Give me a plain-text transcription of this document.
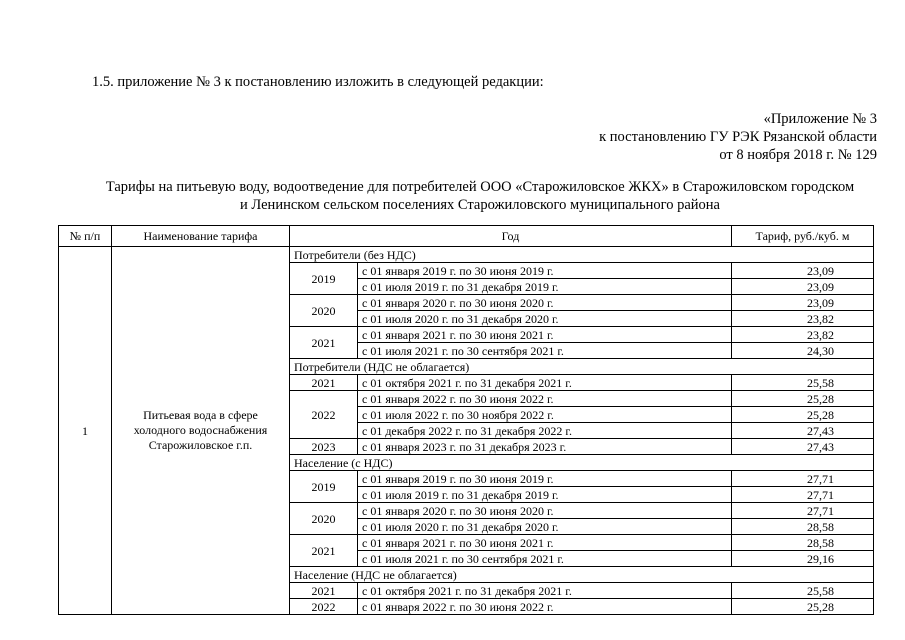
1.5. приложение № 3 к постановлению изложить в следующей редакции:
«Приложение № 3
к постановлению ГУ РЭК Рязанской области
от 8 ноября 2018 г. № 129
Тарифы на питьевую воду, водоотведение для потребителей ООО «Старожиловское ЖКХ» в Старожиловском городском
и Ленинском сельском поселениях Старожиловского муниципального района
№ п/п	Наименование тарифа	Год		Тариф, руб./куб. м
1	Питьевая вода в сфере холодного водоснабжения Старожиловское г.п.	Потребители (без НДС)		
		2019	с 01 января 2019 г. по 30 июня 2019 г.	23,09
			с 01 июля 2019 г. по 31 декабря 2019 г.	23,09
		2020	с 01 января 2020 г. по 30 июня 2020 г.	23,09
			с 01 июля 2020 г. по 31 декабря 2020 г.	23,82
		2021	с 01 января 2021 г. по 30 июня 2021 г.	23,82
			с 01 июля 2021 г. по 30 сентября 2021 г.	24,30
		Потребители (НДС не облагается)		
		2021	с 01 октября 2021 г. по 31 декабря 2021 г.	25,58
		2022	с 01 января 2022 г. по 30 июня 2022 г.	25,28
			с 01 июля 2022 г. по 30 ноября 2022 г.	25,28
			с 01 декабря 2022 г. по 31 декабря 2022 г.	27,43
		2023	с 01 января 2023 г. по 31 декабря 2023 г.	27,43
		Население (с НДС)		
		2019	с 01 января 2019 г. по 30 июня 2019 г.	27,71
			с 01 июля 2019 г. по 31 декабря 2019 г.	27,71
		2020	с 01 января 2020 г. по 30 июня 2020 г.	27,71
			с 01 июля 2020 г. по 31 декабря 2020 г.	28,58
		2021	с 01 января 2021 г. по 30 июня 2021 г.	28,58
			с 01 июля 2021 г. по 30 сентября 2021 г.	29,16
		Население (НДС не облагается)		
		2021	с 01 октября 2021 г. по 31 декабря 2021 г.	25,58
		2022	с 01 января 2022 г. по 30 июня 2022 г.	25,28
